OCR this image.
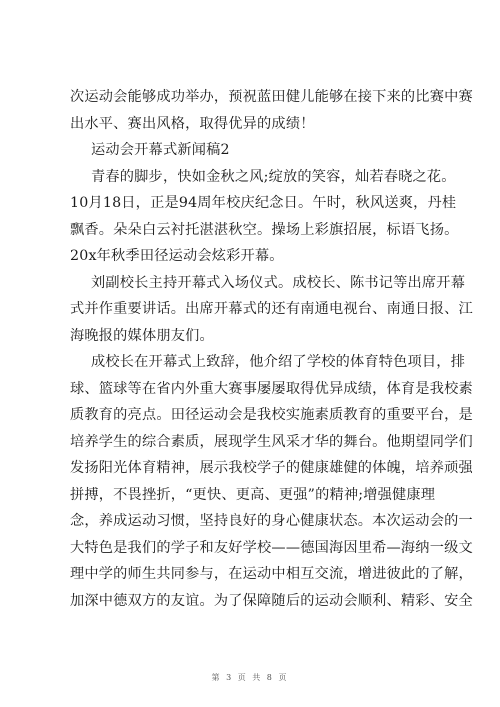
次运动会能够成功举办，预祝蓝田健儿能够在接下来的比赛中赛
出水平、赛出风格，取得优异的成绩！
运动会开幕式新闻稿2
青春的脚步，快如金秋之风;绽放的笑容，灿若春晓之花。
10月18日，正是94周年校庆纪念日。午时，秋风送爽，丹桂
飘香。朵朵白云衬托湛湛秋空。操场上彩旗招展，标语飞扬。
20x年秋季田径运动会炫彩开幕。
刘副校长主持开幕式入场仪式。成校长、陈书记等出席开幕
式并作重要讲话。出席开幕式的还有南通电视台、南通日报、江
海晚报的媒体朋友们。
成校长在开幕式上致辞，他介绍了学校的体育特色项目，排
球、篮球等在省内外重大赛事屡屡取得优异成绩，体育是我校素
质教育的亮点。田径运动会是我校实施素质教育的重要平台，是
培养学生的综合素质，展现学生风采才华的舞台。他期望同学们
发扬阳光体育精神，展示我校学子的健康雄健的体魄，培养顽强
拼搏，不畏挫折，“更快、更高、更强”的精神;增强健康理
念，养成运动习惯，坚持良好的身心健康状态。本次运动会的一
大特色是我们的学子和友好学校——德国海因里希—海纳一级文
理中学的师生共同参与，在运动中相互交流，增进彼此的了解，
加深中德双方的友谊。为了保障随后的运动会顺利、精彩、安全
第 3 页 共 8 页
